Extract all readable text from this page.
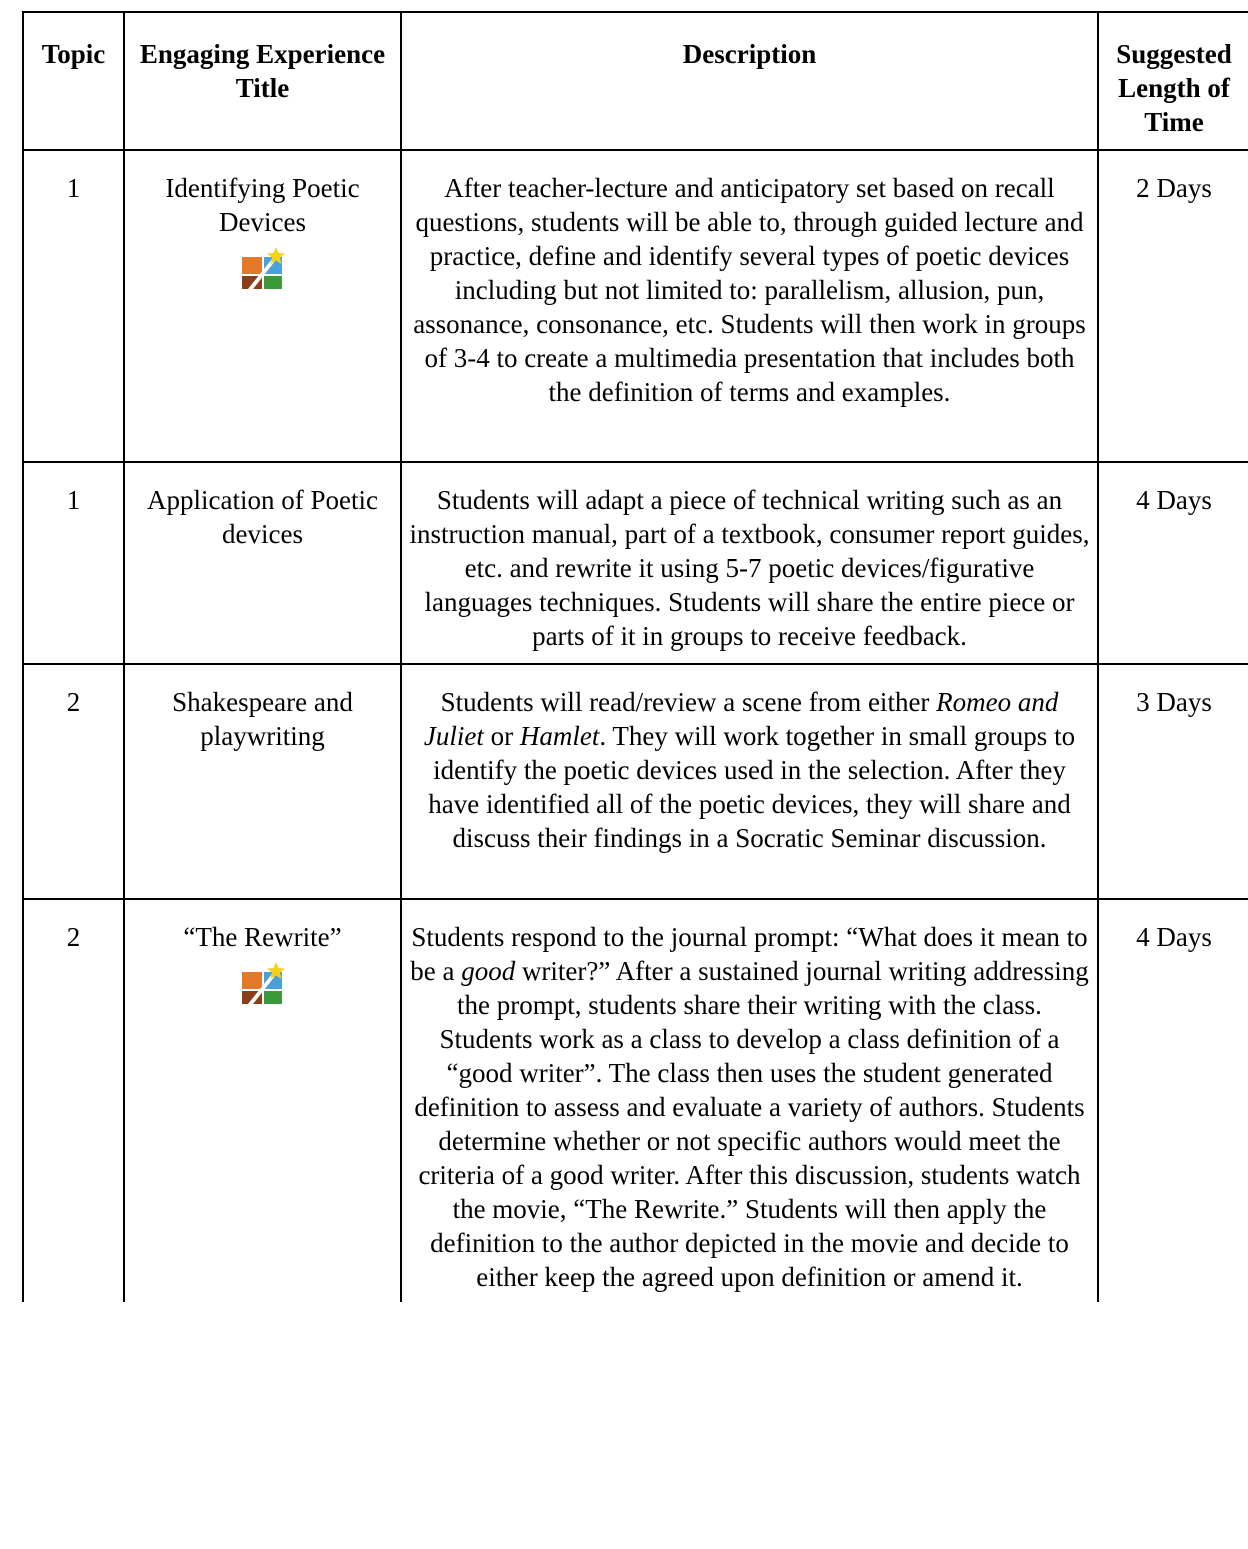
Topic	Engaging Experience Title	Description	Suggested Length of Time
1	Identifying Poetic Devices	After teacher-lecture and anticipatory set based on recall questions, students will be able to, through guided lecture and practice, define and identify several types of poetic devices including but not limited to: parallelism, allusion, pun, assonance, consonance, etc. Students will then work in groups of 3-4 to create a multimedia presentation that includes both the definition of terms and examples.	2 Days
1	Application of Poetic devices	Students will adapt a piece of technical writing such as an instruction manual, part of a textbook, consumer report guides, etc. and rewrite it using 5-7 poetic devices/figurative languages techniques. Students will share the entire piece or parts of it in groups to receive feedback.	4 Days
2	Shakespeare and playwriting	Students will read/review a scene from either Romeo and Juliet or Hamlet. They will work together in small groups to identify the poetic devices used in the selection. After they have identified all of the poetic devices, they will share and discuss their findings in a Socratic Seminar discussion.	3 Days
2	“The Rewrite”	Students respond to the journal prompt: “What does it mean to be a good writer?” After a sustained journal writing addressing the prompt, students share their writing with the class. Students work as a class to develop a class definition of a “good writer”. The class then uses the student generated definition to assess and evaluate a variety of authors. Students determine whether or not specific authors would meet the criteria of a good writer. After this discussion, students watch the movie, “The Rewrite.” Students will then apply the definition to the author depicted in the movie and decide to either keep the agreed upon definition or amend it.	4 Days
